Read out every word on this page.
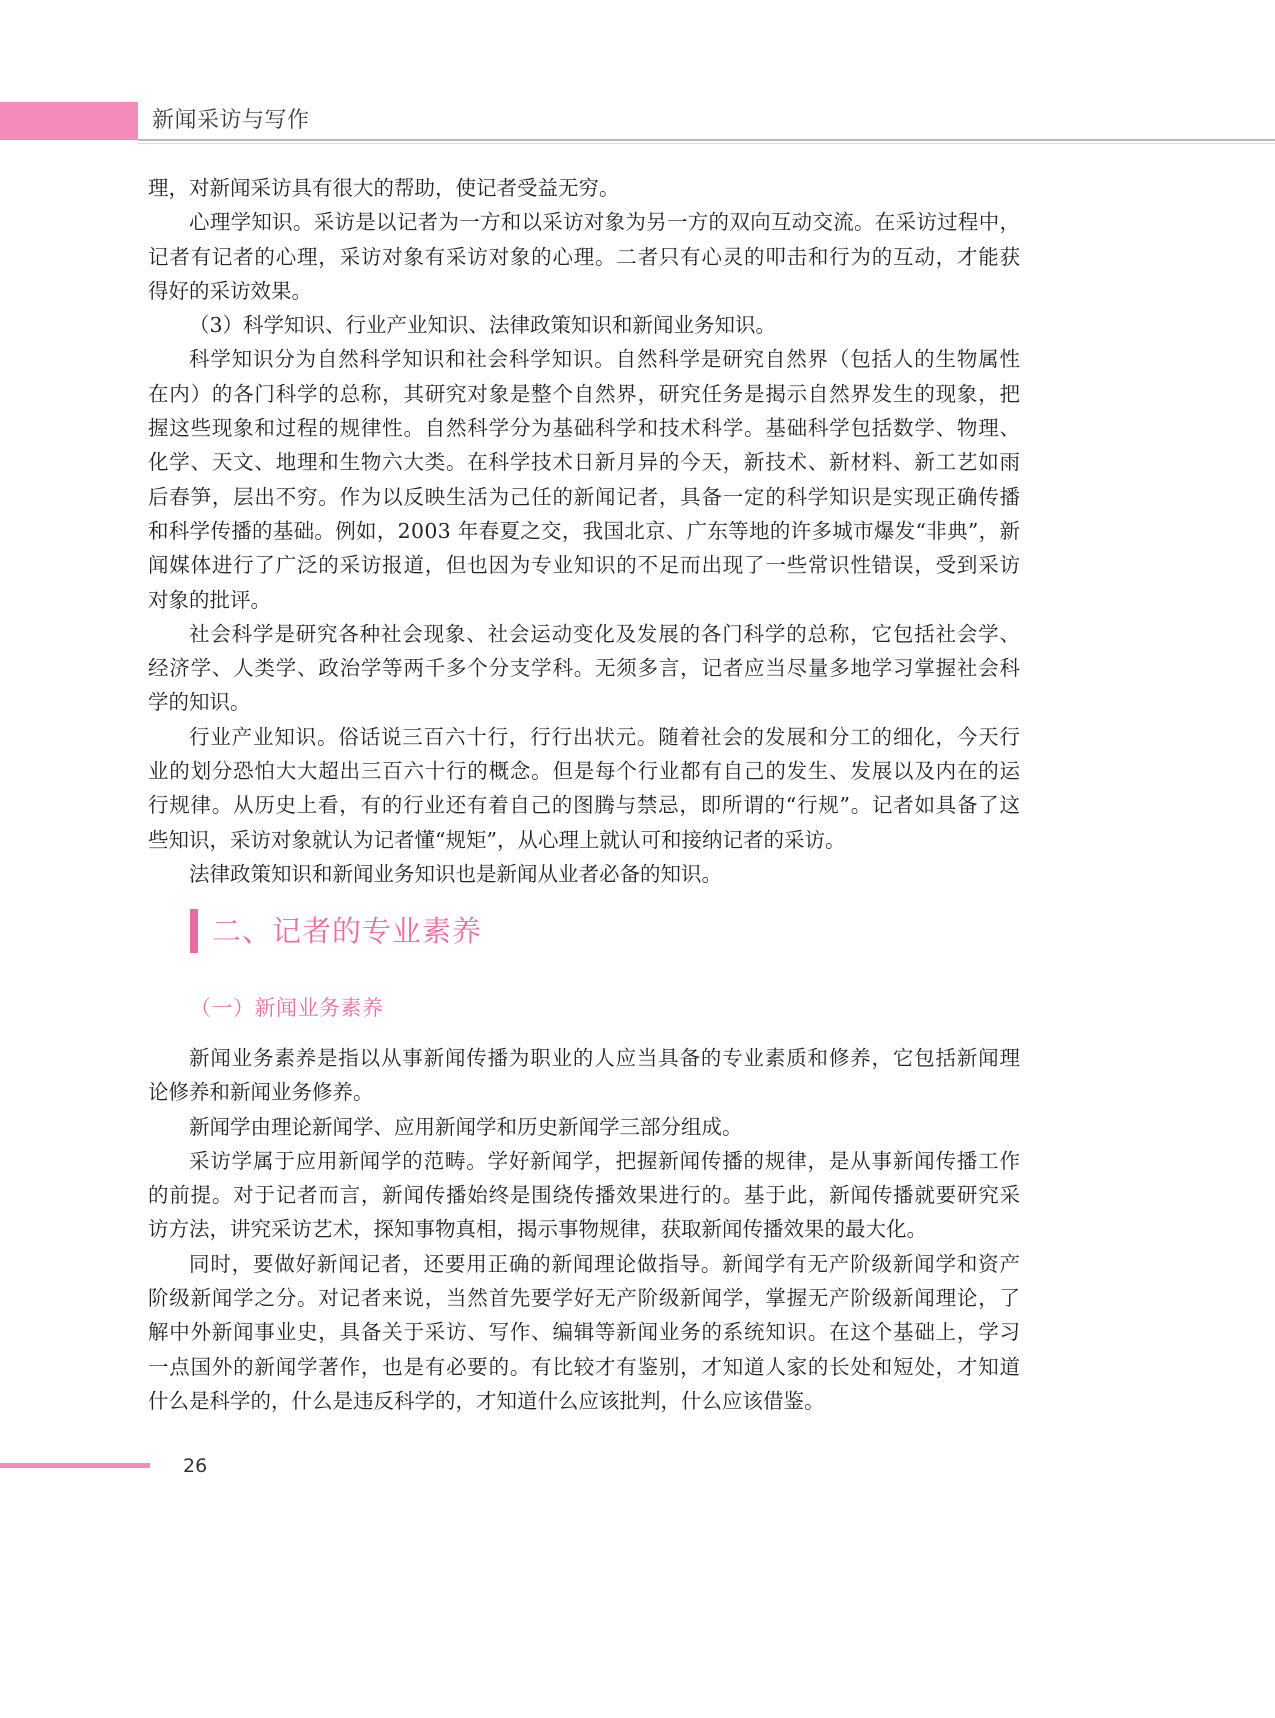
新闻采访与写作
理，对新闻采访具有很大的帮助，使记者受益无穷。
心理学知识。采访是以记者为一方和以采访对象为另一方的双向互动交流。在采访过程中，
记者有记者的心理，采访对象有采访对象的心理。二者只有心灵的叩击和行为的互动，才能获
得好的采访效果。
（3）科学知识、行业产业知识、法律政策知识和新闻业务知识。
科学知识分为自然科学知识和社会科学知识。自然科学是研究自然界（包括人的生物属性
在内）的各门科学的总称，其研究对象是整个自然界，研究任务是揭示自然界发生的现象，把
握这些现象和过程的规律性。自然科学分为基础科学和技术科学。基础科学包括数学、物理、
化学、天文、地理和生物六大类。在科学技术日新月异的今天，新技术、新材料、新工艺如雨
后春笋，层出不穷。作为以反映生活为己任的新闻记者，具备一定的科学知识是实现正确传播
和科学传播的基础。例如，2003 年春夏之交，我国北京、广东等地的许多城市爆发“非典”，新
闻媒体进行了广泛的采访报道，但也因为专业知识的不足而出现了一些常识性错误，受到采访
对象的批评。
社会科学是研究各种社会现象、社会运动变化及发展的各门科学的总称，它包括社会学、
经济学、人类学、政治学等两千多个分支学科。无须多言，记者应当尽量多地学习掌握社会科
学的知识。
行业产业知识。俗话说三百六十行，行行出状元。随着社会的发展和分工的细化，今天行
业的划分恐怕大大超出三百六十行的概念。但是每个行业都有自己的发生、发展以及内在的运
行规律。从历史上看，有的行业还有着自己的图腾与禁忌，即所谓的“行规”。记者如具备了这
些知识，采访对象就认为记者懂“规矩”，从心理上就认可和接纳记者的采访。
法律政策知识和新闻业务知识也是新闻从业者必备的知识。
二、记者的专业素养
（一）新闻业务素养
新闻业务素养是指以从事新闻传播为职业的人应当具备的专业素质和修养，它包括新闻理
论修养和新闻业务修养。
新闻学由理论新闻学、应用新闻学和历史新闻学三部分组成。
采访学属于应用新闻学的范畴。学好新闻学，把握新闻传播的规律，是从事新闻传播工作
的前提。对于记者而言，新闻传播始终是围绕传播效果进行的。基于此，新闻传播就要研究采
访方法，讲究采访艺术，探知事物真相，揭示事物规律，获取新闻传播效果的最大化。
同时，要做好新闻记者，还要用正确的新闻理论做指导。新闻学有无产阶级新闻学和资产
阶级新闻学之分。对记者来说，当然首先要学好无产阶级新闻学，掌握无产阶级新闻理论，了
解中外新闻事业史，具备关于采访、写作、编辑等新闻业务的系统知识。在这个基础上，学习
一点国外的新闻学著作，也是有必要的。有比较才有鉴别，才知道人家的长处和短处，才知道
什么是科学的，什么是违反科学的，才知道什么应该批判，什么应该借鉴。
26
